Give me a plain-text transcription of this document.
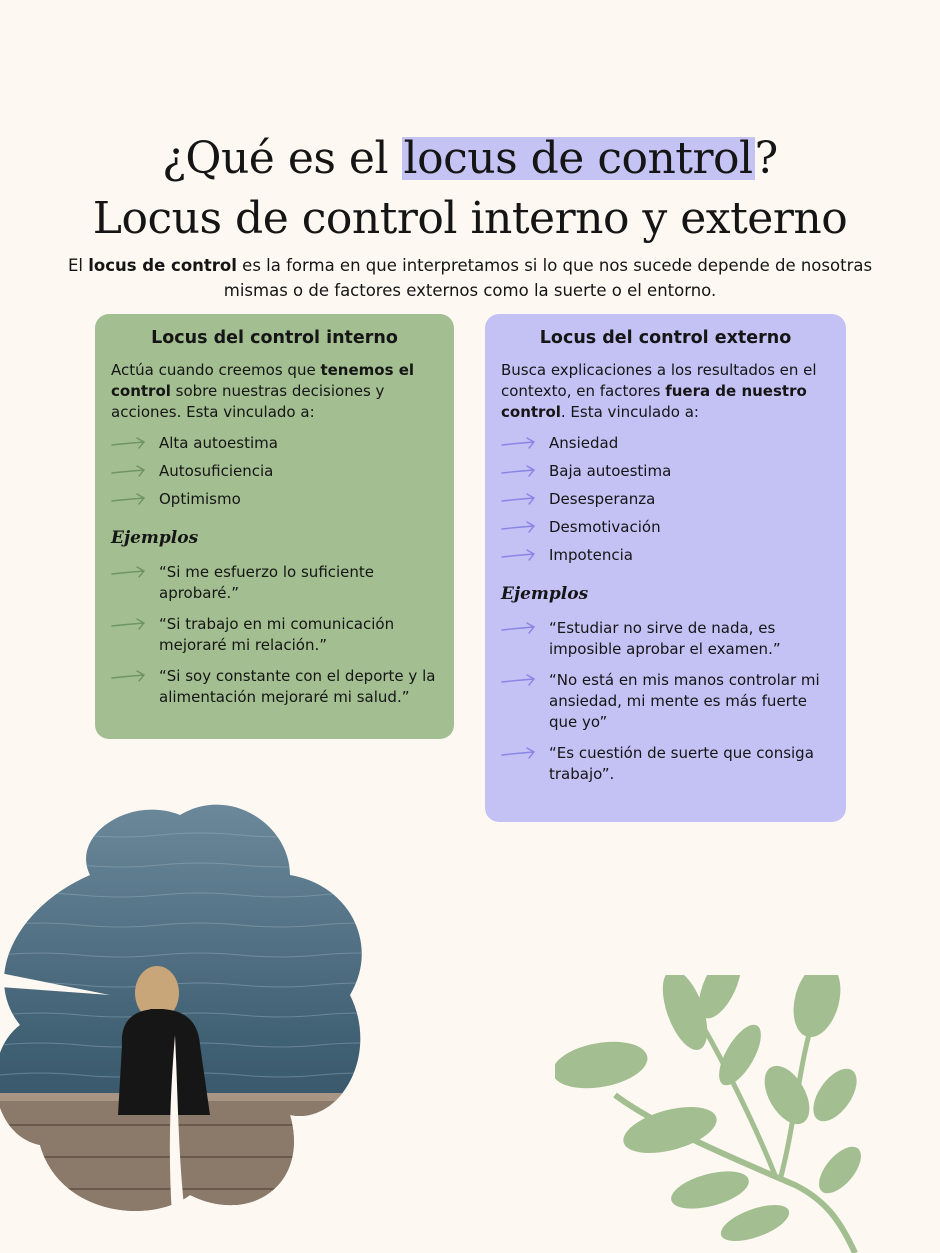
¿Qué es el locus de control?
Locus de control interno y externo

El locus de control es la forma en que interpretamos si lo que nos sucede depende de nosotras mismas o de factores externos como la suerte o el entorno.

Locus del control interno

Actúa cuando creemos que tenemos el control sobre nuestras decisiones y acciones. Esta vinculado a:

Alta autoestima
Autosuficiencia
Optimismo
Ejemplos
“Si me esfuerzo lo suficiente aprobaré.”
“Si trabajo en mi comunicación mejoraré mi relación.”
“Si soy constante con el deporte y la alimentación mejoraré mi salud.”
Locus del control externo

Busca explicaciones a los resultados en el contexto, en factores fuera de nuestro control. Esta vinculado a:

Ansiedad
Baja autoestima
Desesperanza
Desmotivación
Impotencia
Ejemplos
“Estudiar no sirve de nada, es imposible aprobar el examen.”
“No está en mis manos controlar mi ansiedad, mi mente es más fuerte que yo”
“Es cuestión de suerte que consiga trabajo”.
